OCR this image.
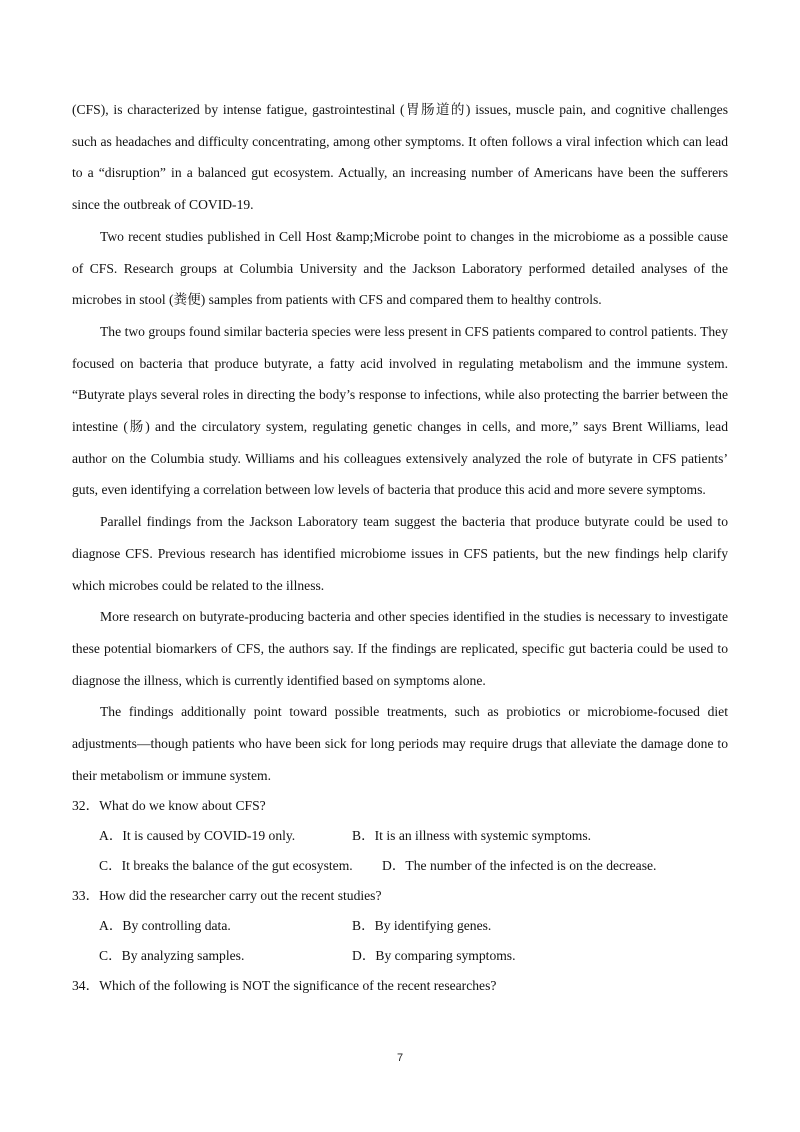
(CFS), is characterized by intense fatigue, gastrointestinal (胃肠道的) issues, muscle pain, and cognitive challenges such as headaches and difficulty concentrating, among other symptoms. It often follows a viral infection which can lead to a “disruption” in a balanced gut ecosystem. Actually, an increasing number of Americans have been the sufferers since the outbreak of COVID-19.

Two recent studies published in Cell Host &amp;Microbe point to changes in the microbiome as a possible cause of CFS. Research groups at Columbia University and the Jackson Laboratory performed detailed analyses of the microbes in stool (粪便) samples from patients with CFS and compared them to healthy controls.

The two groups found similar bacteria species were less present in CFS patients compared to control patients. They focused on bacteria that produce butyrate, a fatty acid involved in regulating metabolism and the immune system. “Butyrate plays several roles in directing the body’s response to infections, while also protecting the barrier between the intestine (肠) and the circulatory system, regulating genetic changes in cells, and more,” says Brent Williams, lead author on the Columbia study. Williams and his colleagues extensively analyzed the role of butyrate in CFS patients’ guts, even identifying a correlation between low levels of bacteria that produce this acid and more severe symptoms.

Parallel findings from the Jackson Laboratory team suggest the bacteria that produce butyrate could be used to diagnose CFS. Previous research has identified microbiome issues in CFS patients, but the new findings help clarify which microbes could be related to the illness.

More research on butyrate-producing bacteria and other species identified in the studies is necessary to investigate these potential biomarkers of CFS, the authors say. If the findings are replicated, specific gut bacteria could be used to diagnose the illness, which is currently identified based on symptoms alone.

The findings additionally point toward possible treatments, such as probiotics or microbiome-focused diet adjustments—though patients who have been sick for long periods may require drugs that alleviate the damage done to their metabolism or immune system.

32．What do we know about CFS?

A．It is caused by COVID-19 only.	B．It is an illness with systemic symptoms.
C．It breaks the balance of the gut ecosystem. D．The number of the infected is on the decrease.

33．How did the researcher carry out the recent studies?

A．By controlling data.	B．By identifying genes.
C．By analyzing samples.	D．By comparing symptoms.

34．Which of the following is NOT the significance of the recent researches?

7
